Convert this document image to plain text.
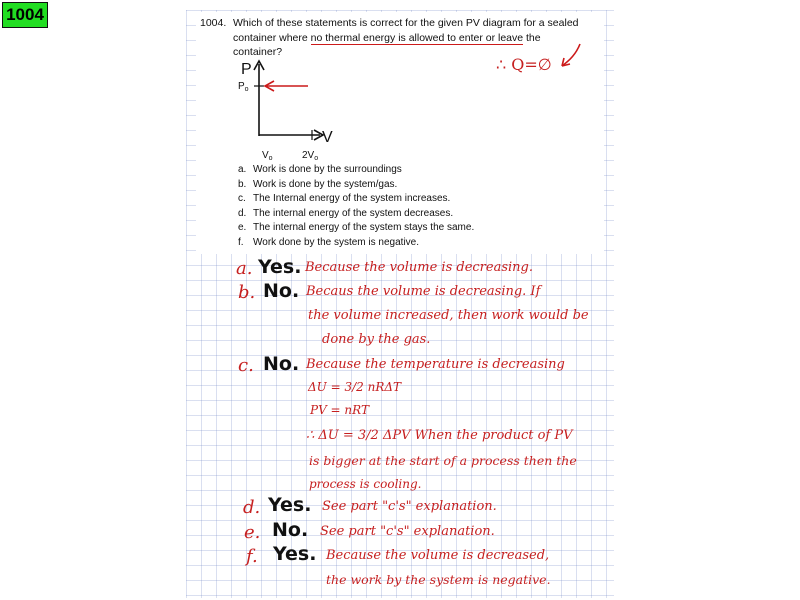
1004	1004. Which of these statements is correct for the given PV diagram for a sealed container where no thermal energy is allowed to enter or leave the container?
∴ Q=∅
P
V
$P_o$
$V_o$	$2V_o$
a. Work is done by the surroundings
b. Work is done by the system/gas.
c. The Internal energy of the system increases.
d. The internal energy of the system decreases.
e. The internal energy of the system stays the same.
f. Work done by the system is negative.
a. Yes. Because the volume is decreasing.
b. No. Becaus the volume is decreasing. If
the volume increased, then work would be
done by the gas.
c. No. Because the temperature is decreasing
ΔU = 3/2 nRΔT
PV = nRT
∴ ΔU = 3/2 ΔPV When the product of PV
is bigger at the start of a process then the
process is cooling.
d. Yes. See part "c's" explanation.
e. No. See part "c's" explanation.
f. Yes. Because the volume is decreased,
the work by the system is negative.
